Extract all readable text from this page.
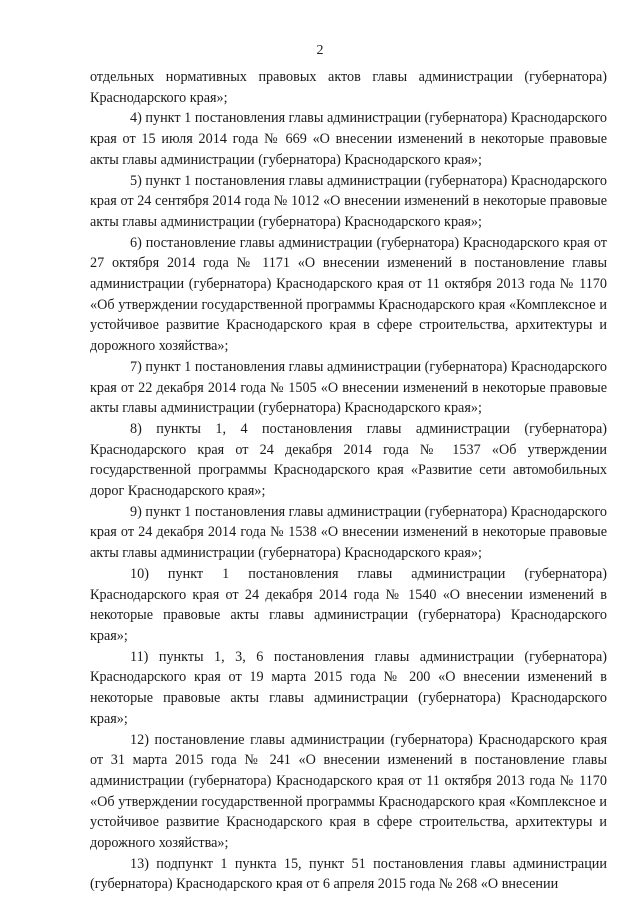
2

отдельных нормативных правовых актов главы администрации (губернатора) Краснодарского края»;

4) пункт 1 постановления главы администрации (губернатора) Краснодарского края от 15 июля 2014 года № 669 «О внесении изменений в некоторые правовые акты главы администрации (губернатора) Краснодарского края»;

5) пункт 1 постановления главы администрации (губернатора) Краснодарского края от 24 сентября 2014 года № 1012 «О внесении изменений в некоторые правовые акты главы администрации (губернатора) Краснодарского края»;

6) постановление главы администрации (губернатора) Краснодарского края от 27 октября 2014 года № 1171 «О внесении изменений в постановление главы администрации (губернатора) Краснодарского края от 11 октября 2013 года № 1170 «Об утверждении государственной программы Краснодарского края «Комплексное и устойчивое развитие Краснодарского края в сфере строительства, архитектуры и дорожного хозяйства»;

7) пункт 1 постановления главы администрации (губернатора) Краснодарского края от 22 декабря 2014 года № 1505 «О внесении изменений в некоторые правовые акты главы администрации (губернатора) Краснодарского края»;

8) пункты 1, 4 постановления главы администрации (губернатора) Краснодарского края от 24 декабря 2014 года № 1537 «Об утверждении государственной программы Краснодарского края «Развитие сети автомобильных дорог Краснодарского края»;

9) пункт 1 постановления главы администрации (губернатора) Краснодарского края от 24 декабря 2014 года № 1538 «О внесении изменений в некоторые правовые акты главы администрации (губернатора) Краснодарского края»;

10) пункт 1 постановления главы администрации (губернатора) Краснодарского края от 24 декабря 2014 года № 1540 «О внесении изменений в некоторые правовые акты главы администрации (губернатора) Краснодарского края»;

11) пункты 1, 3, 6 постановления главы администрации (губернатора) Краснодарского края от 19 марта 2015 года № 200 «О внесении изменений в некоторые правовые акты главы администрации (губернатора) Краснодарского края»;

12) постановление главы администрации (губернатора) Краснодарского края от 31 марта 2015 года № 241 «О внесении изменений в постановление главы администрации (губернатора) Краснодарского края от 11 октября 2013 года № 1170 «Об утверждении государственной программы Краснодарского края «Комплексное и устойчивое развитие Краснодарского края в сфере строительства, архитектуры и дорожного хозяйства»;

13) подпункт 1 пункта 15, пункт 51 постановления главы администрации (губернатора) Краснодарского края от 6 апреля 2015 года № 268 «О внесении
